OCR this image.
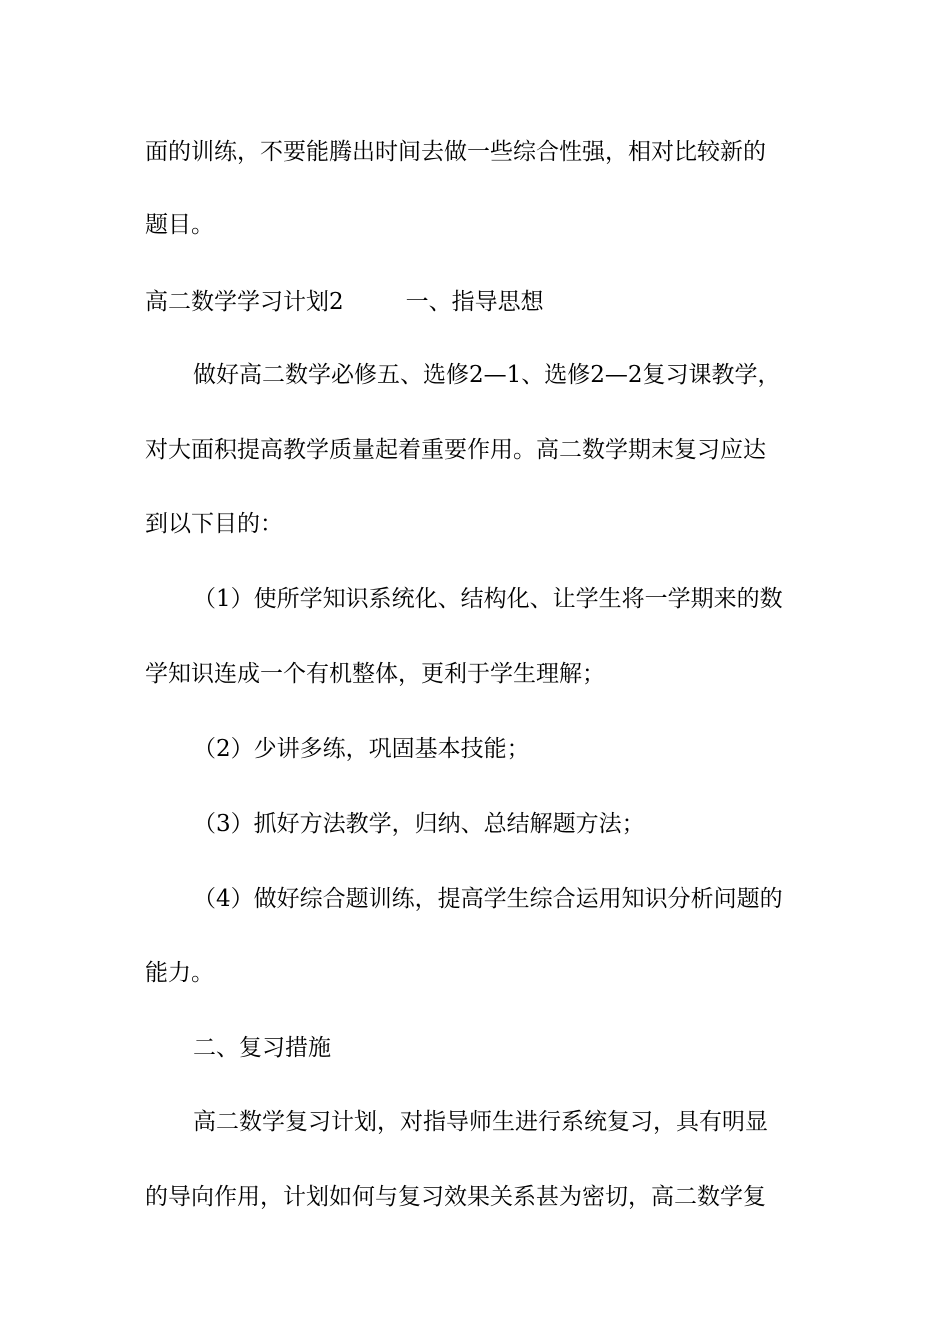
面的训练，不要能腾出时间去做一些综合性强，相对比较新的
题目。
高二数学学习计划2	一、指导思想
做好高二数学必修五、选修2—1、选修2—2复习课教学，
对大面积提高教学质量起着重要作用。高二数学期末复习应达
到以下目的：
（1）使所学知识系统化、结构化、让学生将一学期来的数
学知识连成一个有机整体，更利于学生理解；
（2）少讲多练，巩固基本技能；
（3）抓好方法教学，归纳、总结解题方法；
（4）做好综合题训练，提高学生综合运用知识分析问题的
能力。
二、复习措施
高二数学复习计划，对指导师生进行系统复习，具有明显
的导向作用，计划如何与复习效果关系甚为密切，高二数学复
